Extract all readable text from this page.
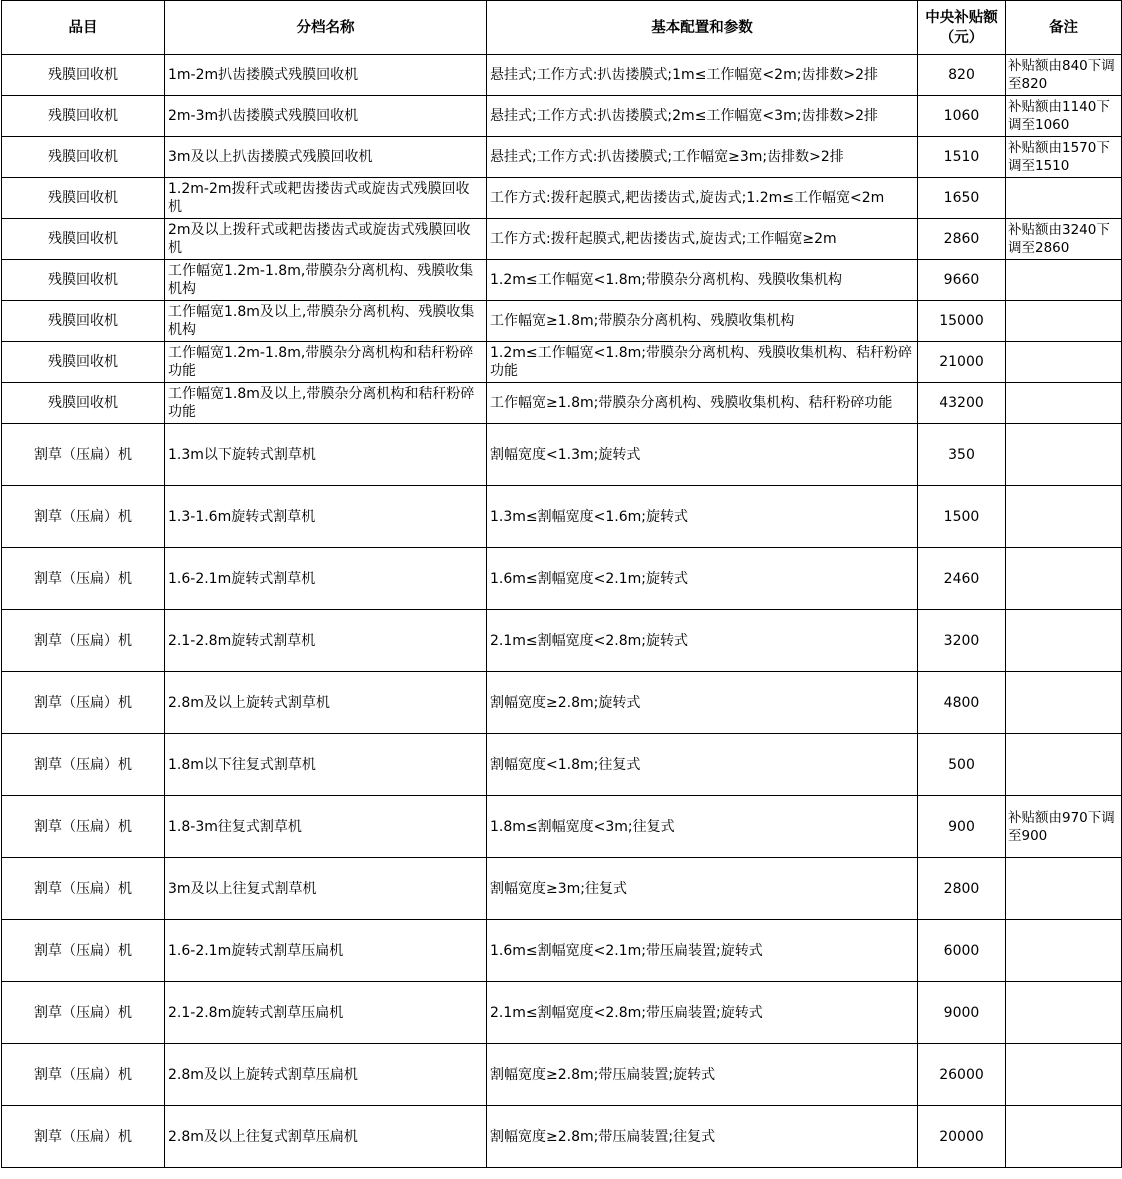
品目	分档名称	基本配置和参数	中央补贴额（元）	备注
残膜回收机	1m-2m扒齿搂膜式残膜回收机	悬挂式;工作方式:扒齿搂膜式;1m≤工作幅宽<2m;齿排数>2排	820	补贴额由840下调至820
残膜回收机	2m-3m扒齿搂膜式残膜回收机	悬挂式;工作方式:扒齿搂膜式;2m≤工作幅宽<3m;齿排数>2排	1060	补贴额由1140下调至1060
残膜回收机	3m及以上扒齿搂膜式残膜回收机	悬挂式;工作方式:扒齿搂膜式;工作幅宽≥3m;齿排数>2排	1510	补贴额由1570下调至1510
残膜回收机	1.2m-2m拨秆式或耙齿搂齿式或旋齿式残膜回收机	工作方式:拨秆起膜式,耙齿搂齿式,旋齿式;1.2m≤工作幅宽<2m	1650	
残膜回收机	2m及以上拨秆式或耙齿搂齿式或旋齿式残膜回收机	工作方式:拨秆起膜式,耙齿搂齿式,旋齿式;工作幅宽≥2m	2860	补贴额由3240下调至2860
残膜回收机	工作幅宽1.2m-1.8m,带膜杂分离机构、残膜收集机构	1.2m≤工作幅宽<1.8m;带膜杂分离机构、残膜收集机构	9660	
残膜回收机	工作幅宽1.8m及以上,带膜杂分离机构、残膜收集机构	工作幅宽≥1.8m;带膜杂分离机构、残膜收集机构	15000	
残膜回收机	工作幅宽1.2m-1.8m,带膜杂分离机构和秸秆粉碎功能	1.2m≤工作幅宽<1.8m;带膜杂分离机构、残膜收集机构、秸秆粉碎功能	21000	
残膜回收机	工作幅宽1.8m及以上,带膜杂分离机构和秸秆粉碎功能	工作幅宽≥1.8m;带膜杂分离机构、残膜收集机构、秸秆粉碎功能	43200	
割草（压扁）机	1.3m以下旋转式割草机	割幅宽度<1.3m;旋转式	350	
割草（压扁）机	1.3-1.6m旋转式割草机	1.3m≤割幅宽度<1.6m;旋转式	1500	
割草（压扁）机	1.6-2.1m旋转式割草机	1.6m≤割幅宽度<2.1m;旋转式	2460	
割草（压扁）机	2.1-2.8m旋转式割草机	2.1m≤割幅宽度<2.8m;旋转式	3200	
割草（压扁）机	2.8m及以上旋转式割草机	割幅宽度≥2.8m;旋转式	4800	
割草（压扁）机	1.8m以下往复式割草机	割幅宽度<1.8m;往复式	500	
割草（压扁）机	1.8-3m往复式割草机	1.8m≤割幅宽度<3m;往复式	900	补贴额由970下调至900
割草（压扁）机	3m及以上往复式割草机	割幅宽度≥3m;往复式	2800	
割草（压扁）机	1.6-2.1m旋转式割草压扁机	1.6m≤割幅宽度<2.1m;带压扁装置;旋转式	6000	
割草（压扁）机	2.1-2.8m旋转式割草压扁机	2.1m≤割幅宽度<2.8m;带压扁装置;旋转式	9000	
割草（压扁）机	2.8m及以上旋转式割草压扁机	割幅宽度≥2.8m;带压扁装置;旋转式	26000	
割草（压扁）机	2.8m及以上往复式割草压扁机	割幅宽度≥2.8m;带压扁装置;往复式	20000	
